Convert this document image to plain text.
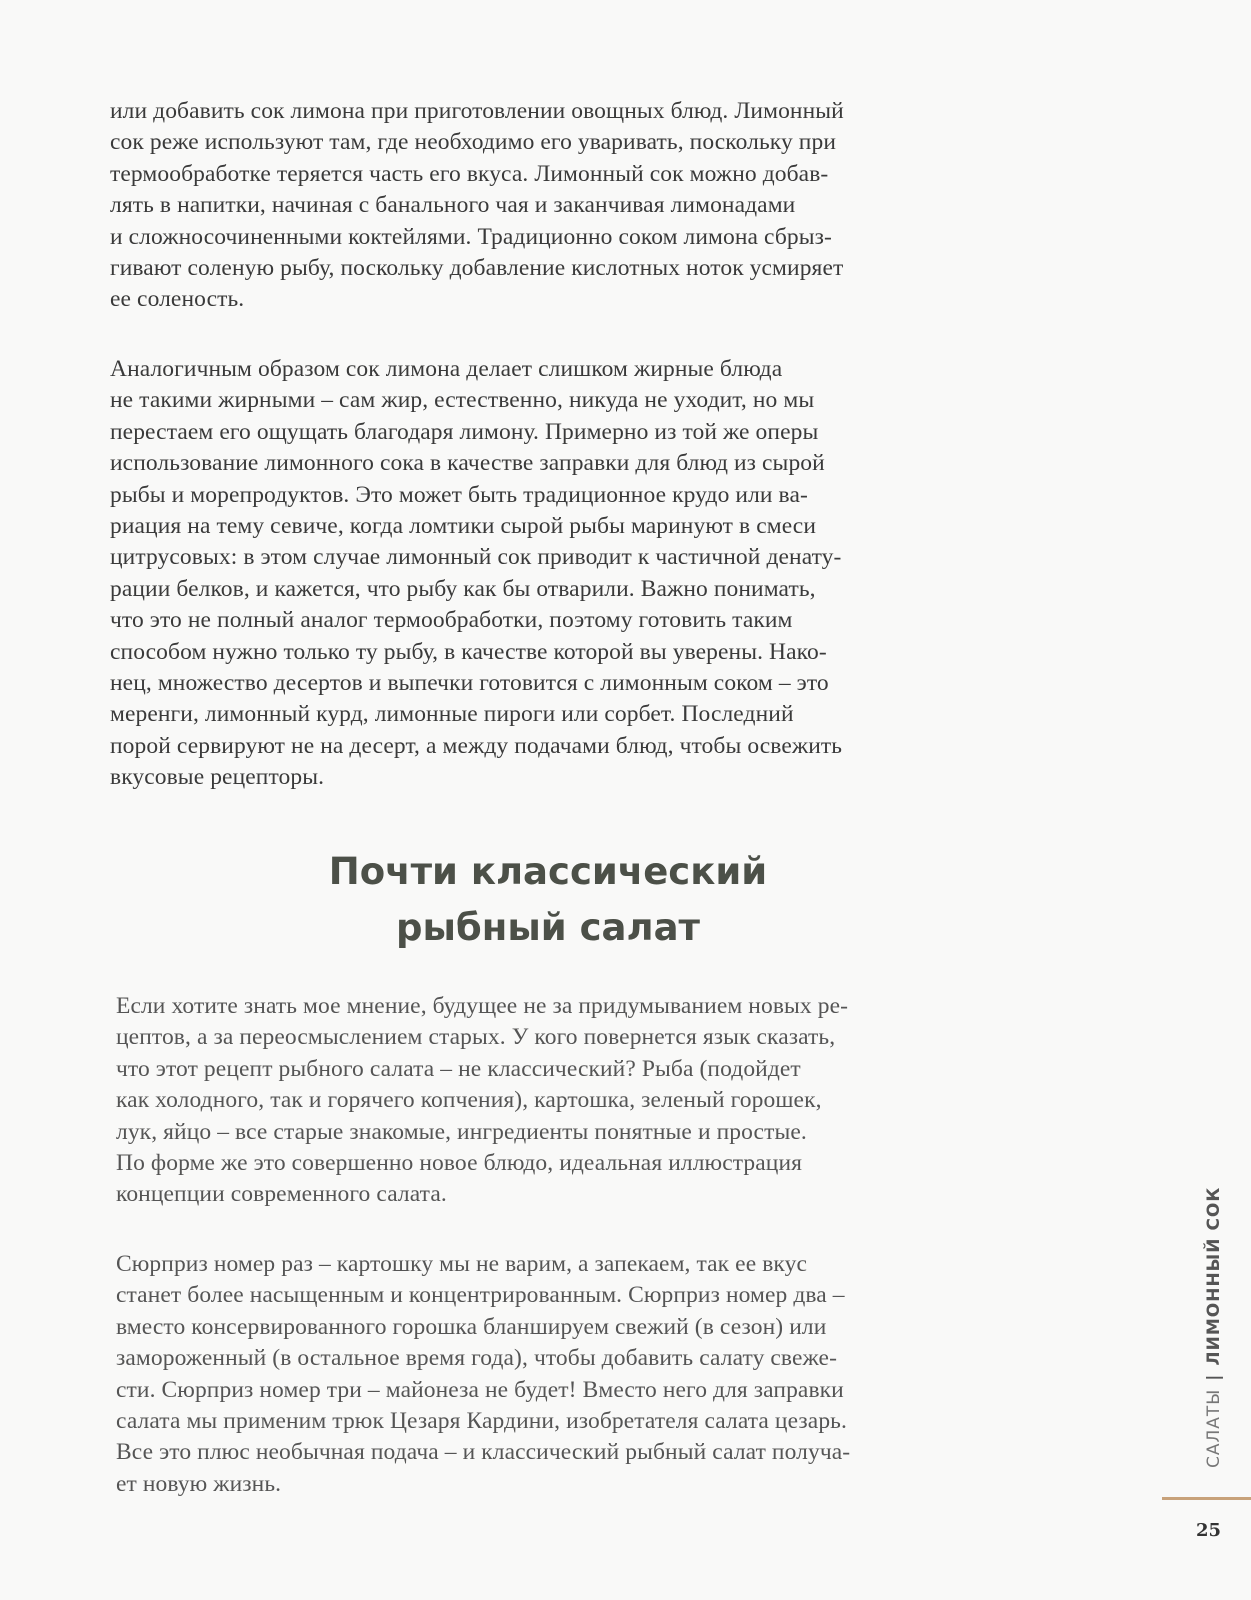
или добавить сок лимона при приготовлении овощных блюд. Лимонный
сок реже используют там, где необходимо его уваривать, поскольку при
термообработке теряется часть его вкуса. Лимонный сок можно добав-
лять в напитки, начиная с банального чая и заканчивая лимонадами
и сложносочиненными коктейлями. Традиционно соком лимона сбрыз-
гивают соленую рыбу, поскольку добавление кислотных ноток усмиряет
ее соленость.

Аналогичным образом сок лимона делает слишком жирные блюда
не такими жирными – сам жир, естественно, никуда не уходит, но мы
перестаем его ощущать благодаря лимону. Примерно из той же оперы
использование лимонного сока в качестве заправки для блюд из сырой
рыбы и морепродуктов. Это может быть традиционное крудо или ва-
риация на тему севиче, когда ломтики сырой рыбы маринуют в смеси
цитрусовых: в этом случае лимонный сок приводит к частичной денату-
рации белков, и кажется, что рыбу как бы отварили. Важно понимать,
что это не полный аналог термообработки, поэтому готовить таким
способом нужно только ту рыбу, в качестве которой вы уверены. Нако-
нец, множество десертов и выпечки готовится с лимонным соком – это
меренги, лимонный курд, лимонные пироги или сорбет. Последний
порой сервируют не на десерт, а между подачами блюд, чтобы освежить
вкусовые рецепторы.

Почти классический
рыбный салат

Если хотите знать мое мнение, будущее не за придумыванием новых ре-
цептов, а за переосмыслением старых. У кого повернется язык сказать,
что этот рецепт рыбного салата – не классический? Рыба (подойдет
как холодного, так и горячего копчения), картошка, зеленый горошек,
лук, яйцо – все старые знакомые, ингредиенты понятные и простые.
По форме же это совершенно новое блюдо, идеальная иллюстрация
концепции современного салата.

Сюрприз номер раз – картошку мы не варим, а запекаем, так ее вкус
станет более насыщенным и концентрированным. Сюрприз номер два –
вместо консервированного горошка бланшируем свежий (в сезон) или
замороженный (в остальное время года), чтобы добавить салату свеже-
сти. Сюрприз номер три – майонеза не будет! Вместо него для заправки
салата мы применим трюк Цезаря Кардини, изобретателя салата цезарь.
Все это плюс необычная подача – и классический рыбный салат получа-
ет новую жизнь.

САЛАТЫ|ЛИМОННЫЙ СОК
25
